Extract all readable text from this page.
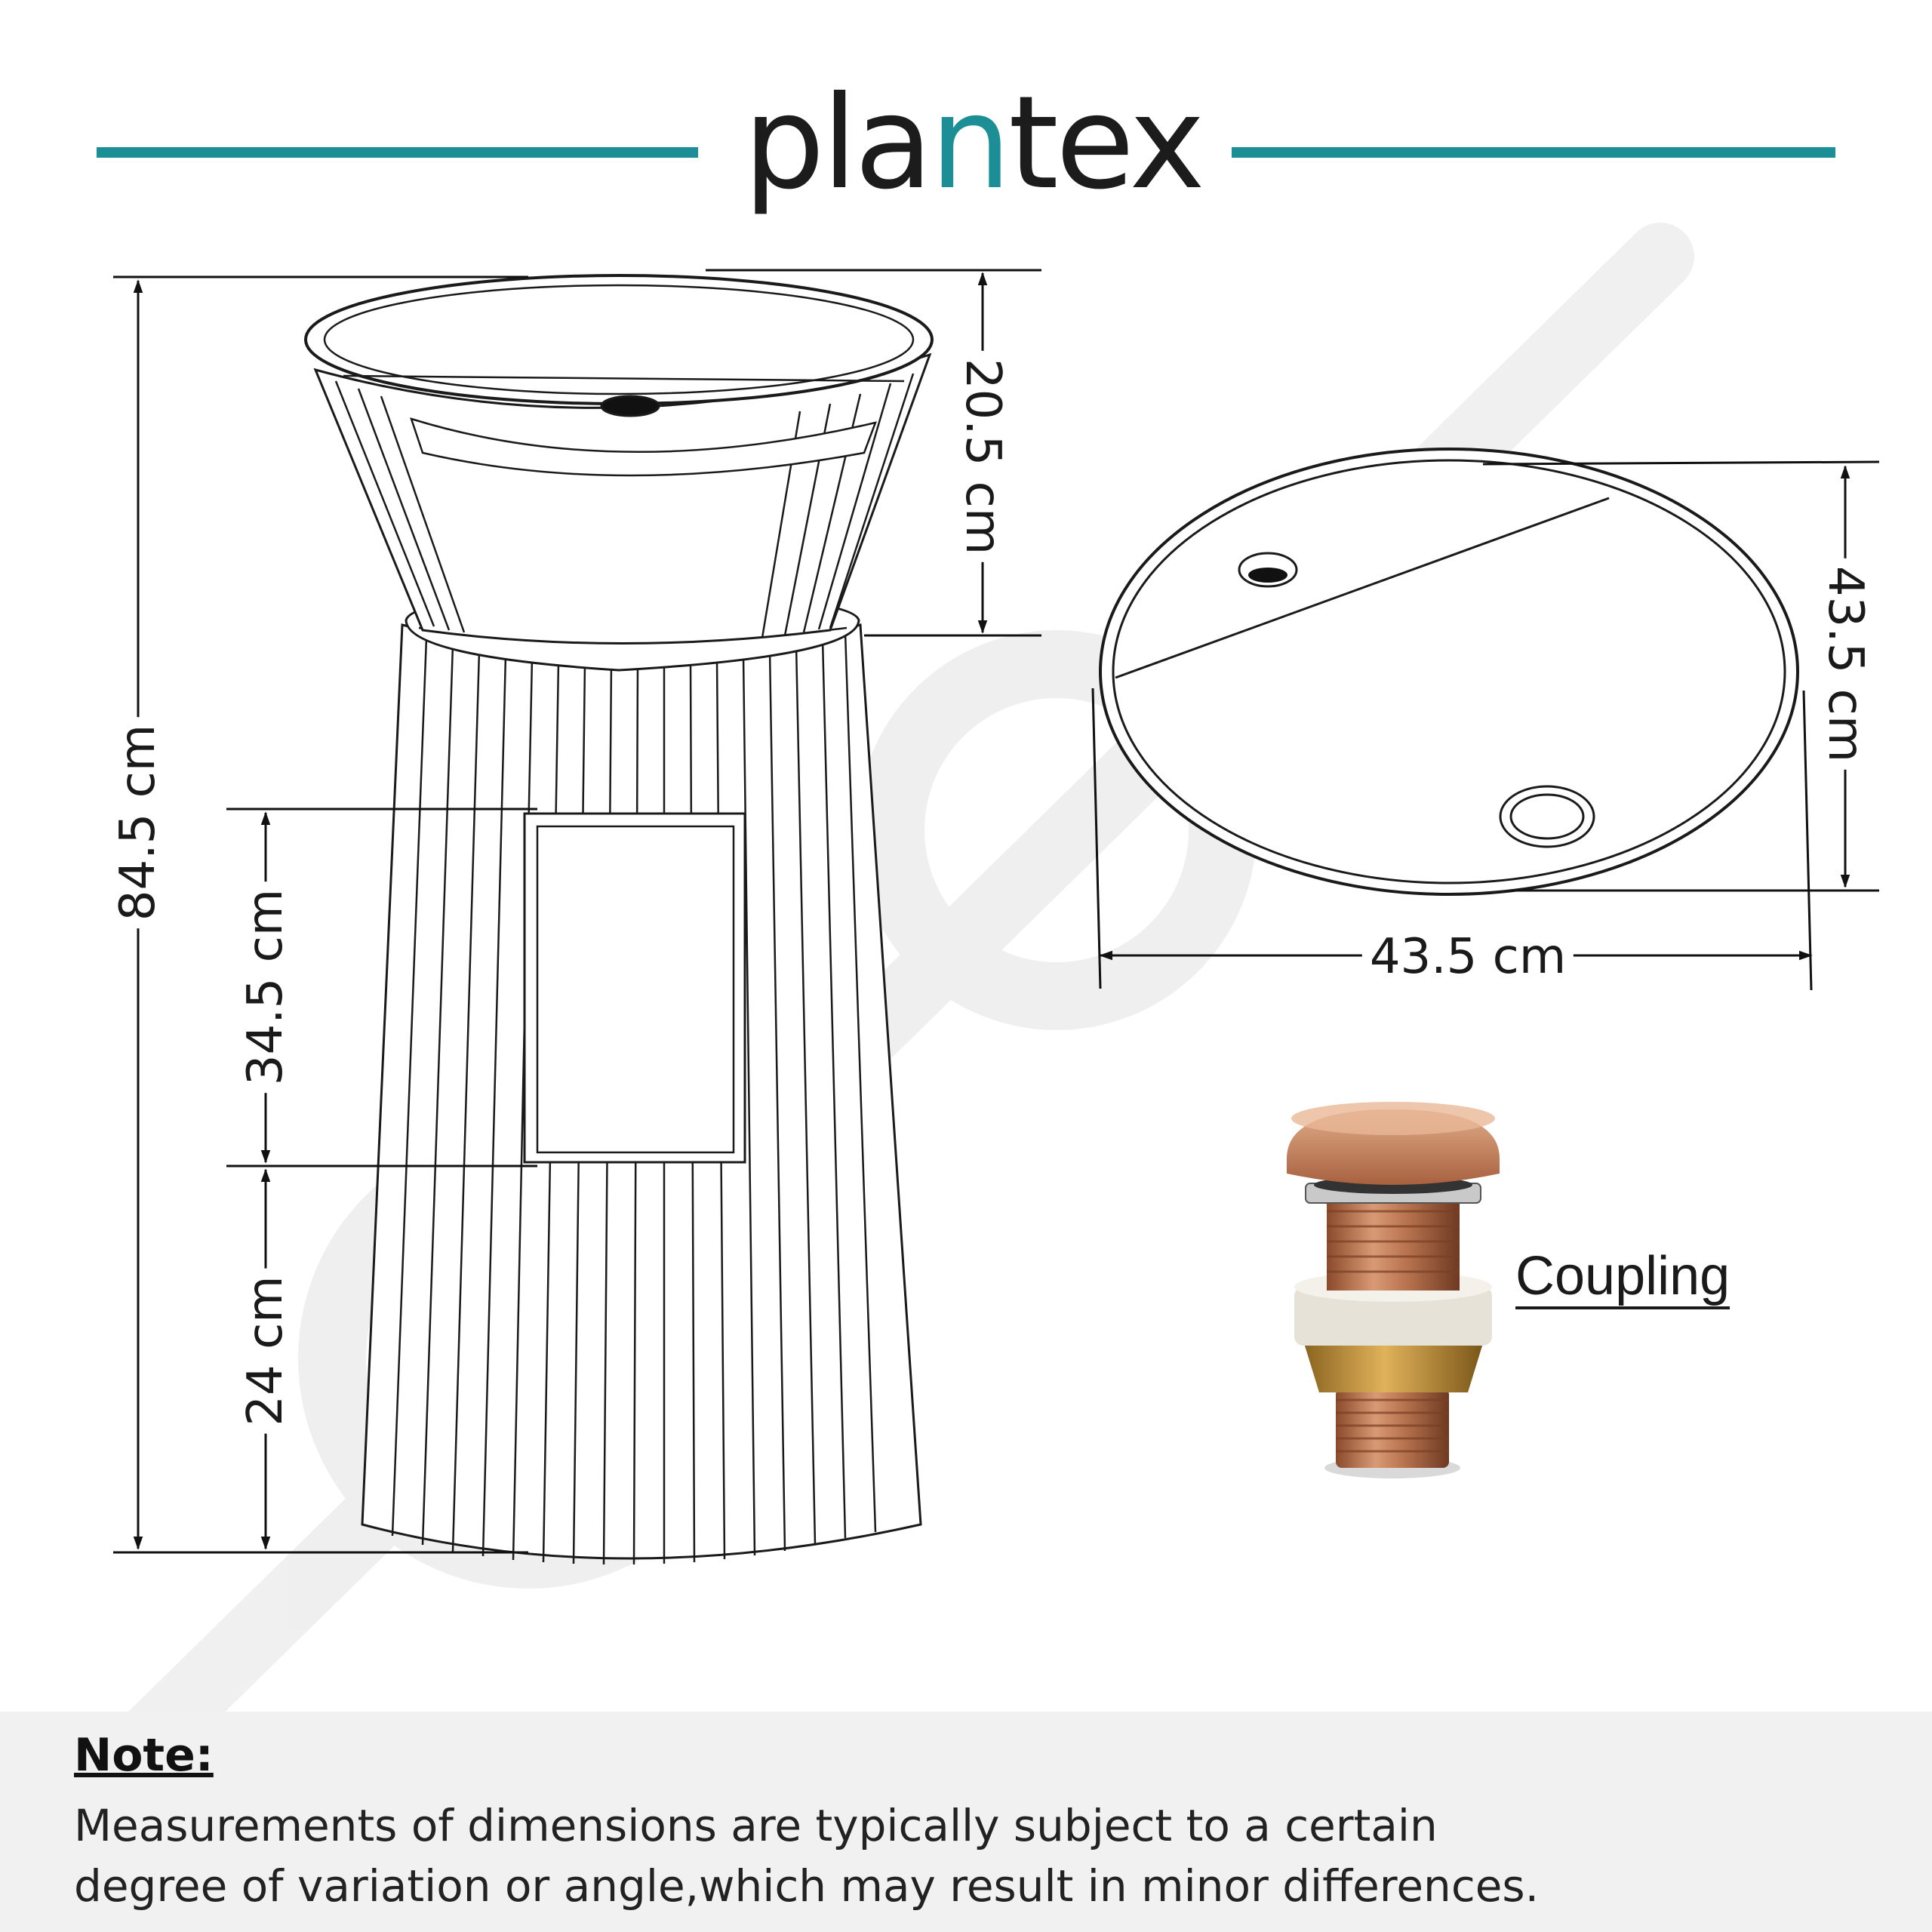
plantex
84.5 cm
20.5 cm
34.5 cm
24 cm
43.5 cm
43.5 cm
Coupling
Note:
Measurements of dimensions are typically subject to a certain
degree of variation or angle,which may result in minor differences.
